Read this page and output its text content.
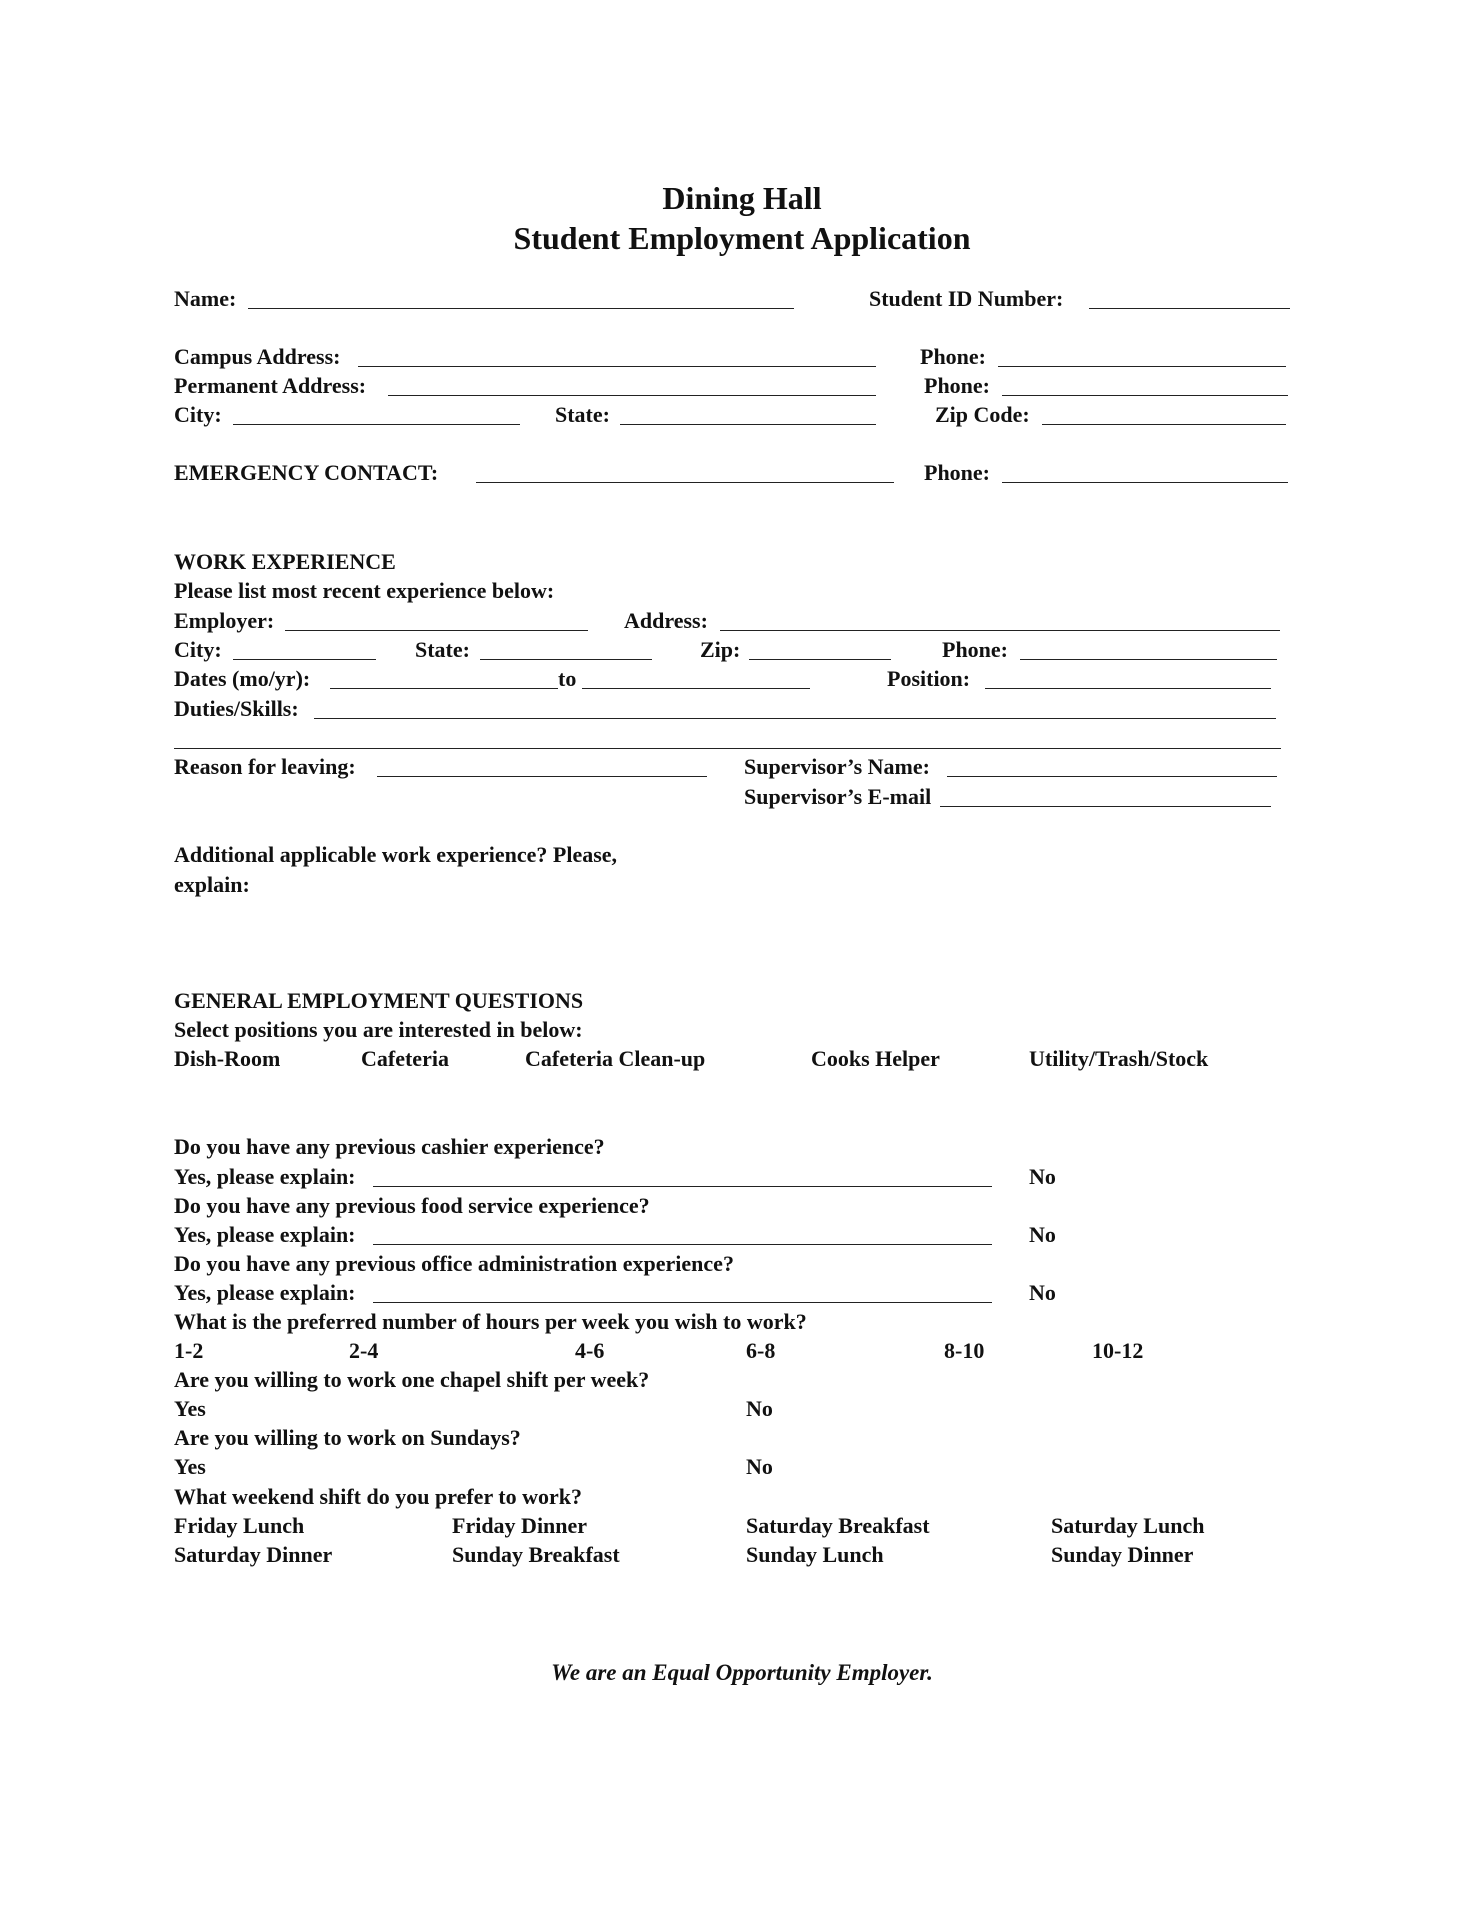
Dining Hall
Student Employment Application
Name:	Student ID Number:
Campus Address:	Phone:
Permanent Address:	Phone:
City:	State:	Zip Code:
EMERGENCY CONTACT:	Phone:
WORK EXPERIENCE
Please list most recent experience below:
Employer:	Address:
City:	State:	Zip:	Phone:
Dates (mo/yr):	to	Position:
Duties/Skills:
Reason for leaving:	Supervisor’s Name:
Supervisor’s E-mail
Additional applicable work experience? Please,
explain:
GENERAL EMPLOYMENT QUESTIONS
Select positions you are interested in below:
Dish-Room	Cafeteria	Cafeteria Clean-up	Cooks Helper	Utility/Trash/Stock
Do you have any previous cashier experience?
Yes, please explain:	No
Do you have any previous food service experience?
Yes, please explain:	No
Do you have any previous office administration experience?
Yes, please explain:	No
What is the preferred number of hours per week you wish to work?
1-2	2-4	4-6	6-8	8-10	10-12
Are you willing to work one chapel shift per week?
Yes	No
Are you willing to work on Sundays?
Yes	No
What weekend shift do you prefer to work?
Friday Lunch	Friday Dinner	Saturday Breakfast	Saturday Lunch
Saturday Dinner	Sunday Breakfast	Sunday Lunch	Sunday Dinner
We are an Equal Opportunity Employer.
